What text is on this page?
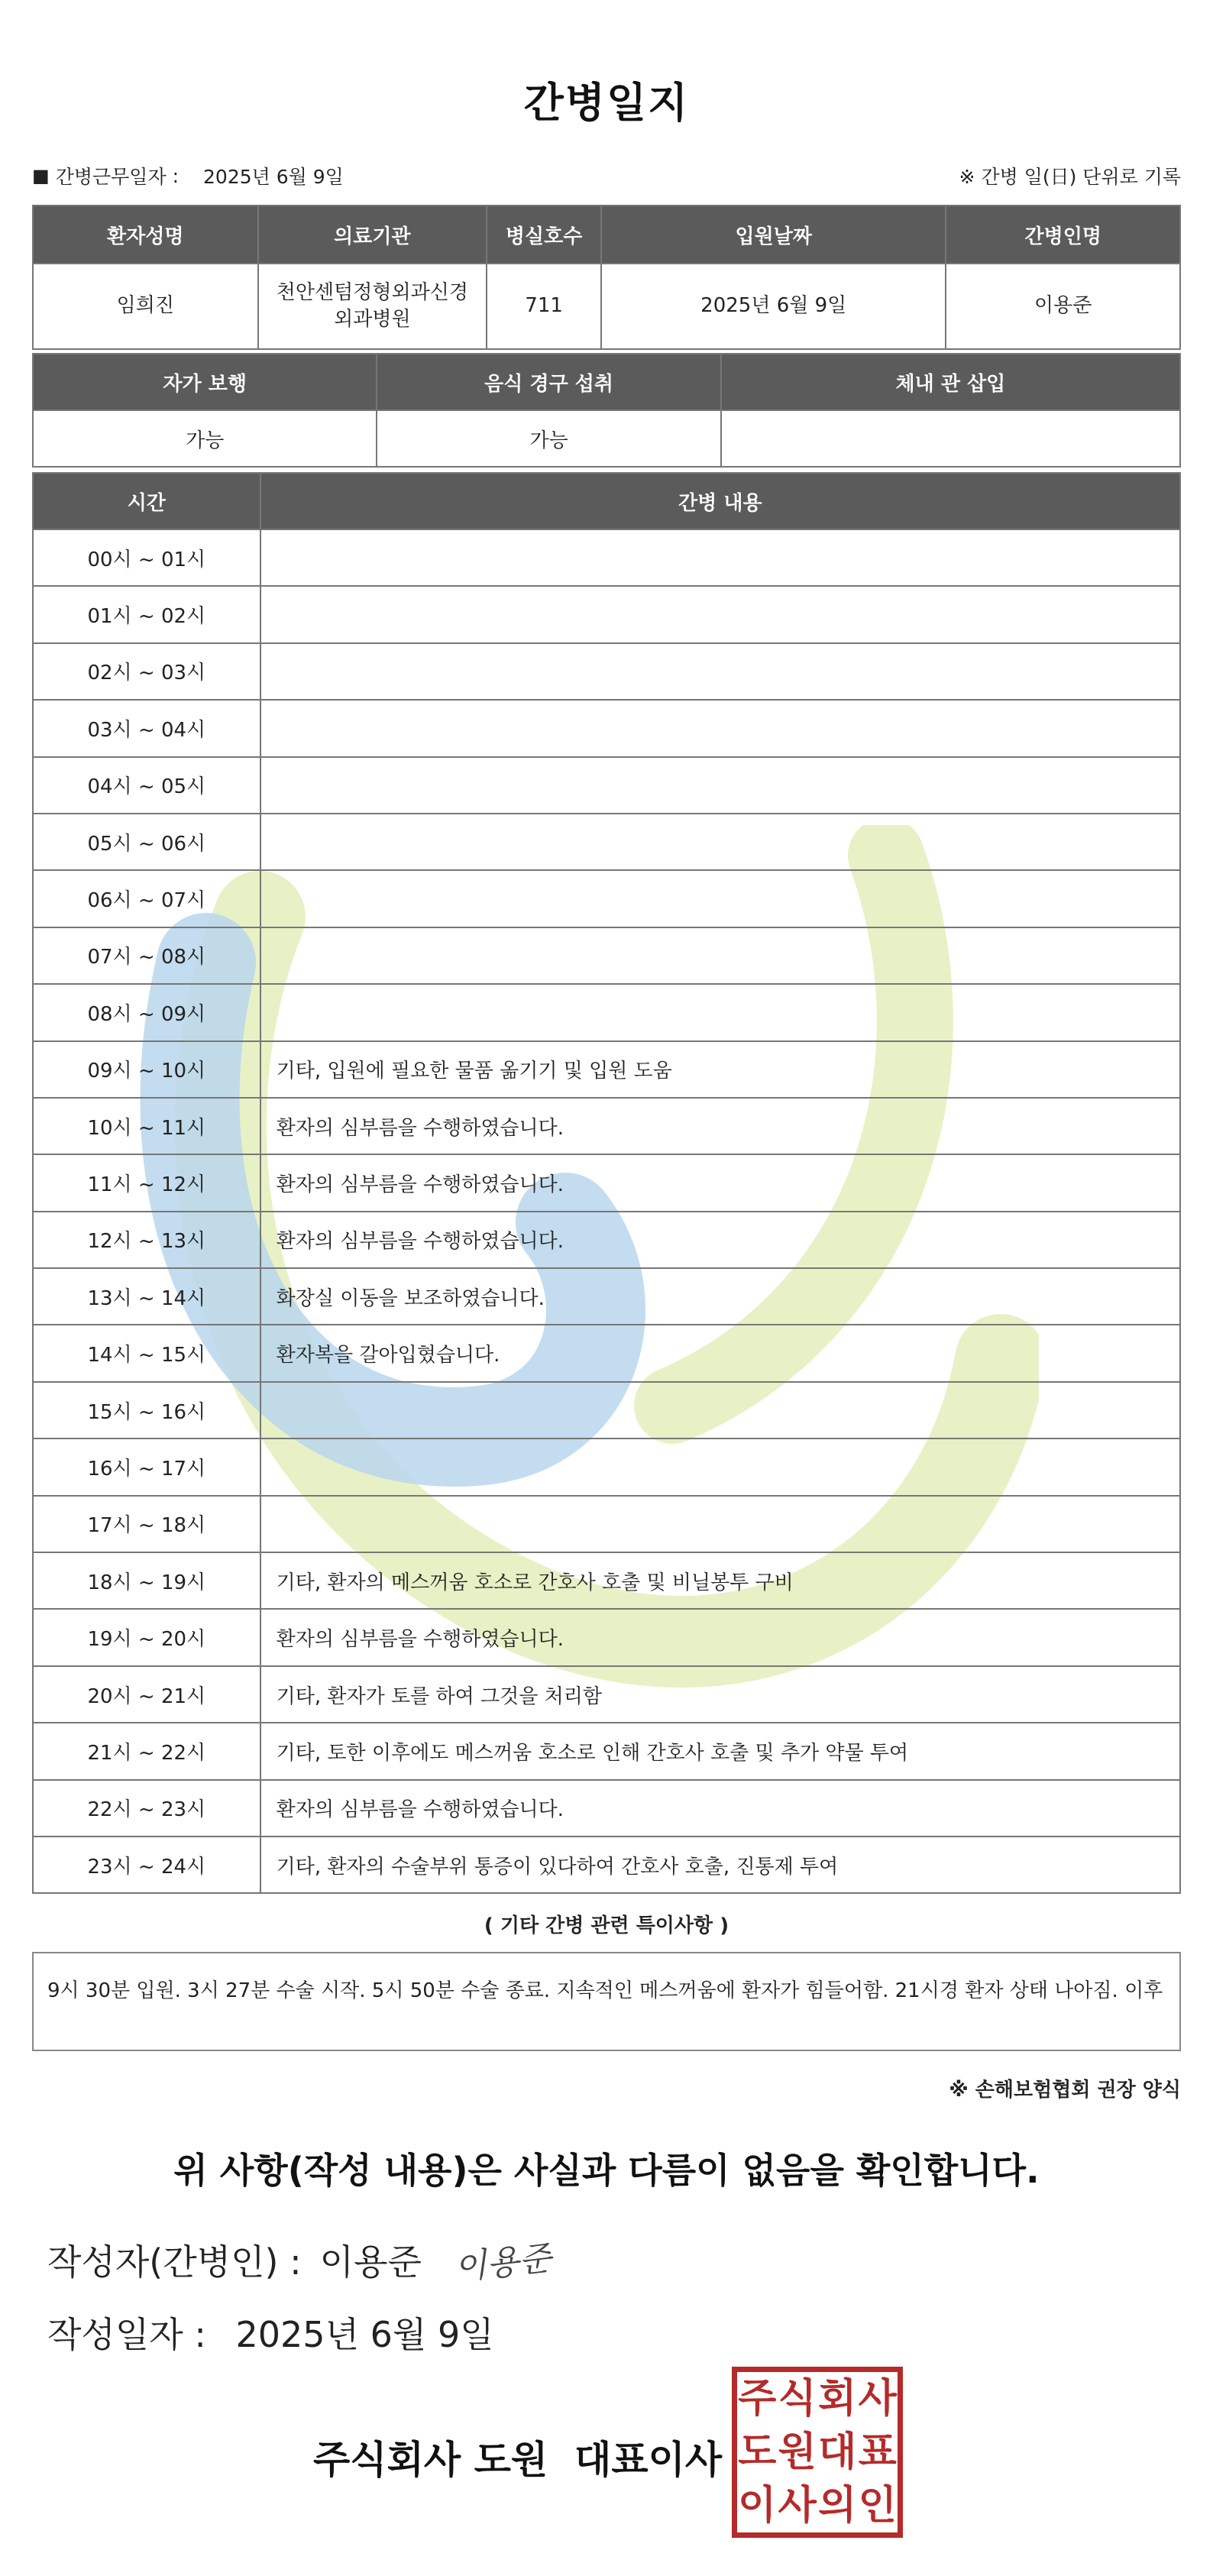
간병일지
■ 간병근무일자 : 2025년 6월 9일	※ 간병 일(日) 단위로 기록
환자성명	의료기관	병실호수	입원날짜	간병인명
임희진	천안센텀정형외과신경외과병원	711	2025년 6월 9일	이용준
자가 보행	음식 경구 섭취	체내 관 삽입
가능	가능	
시간	간병 내용
00시 ~ 01시	
01시 ~ 02시	
02시 ~ 03시	
03시 ~ 04시	
04시 ~ 05시	
05시 ~ 06시	
06시 ~ 07시	
07시 ~ 08시	
08시 ~ 09시	
09시 ~ 10시	기타, 입원에 필요한 물품 옮기기 및 입원 도움
10시 ~ 11시	환자의 심부름을 수행하였습니다.
11시 ~ 12시	환자의 심부름을 수행하였습니다.
12시 ~ 13시	환자의 심부름을 수행하였습니다.
13시 ~ 14시	화장실 이동을 보조하였습니다.
14시 ~ 15시	환자복을 갈아입혔습니다.
15시 ~ 16시	
16시 ~ 17시	
17시 ~ 18시	
18시 ~ 19시	기타, 환자의 메스꺼움 호소로 간호사 호출 및 비닐봉투 구비
19시 ~ 20시	환자의 심부름을 수행하였습니다.
20시 ~ 21시	기타, 환자가 토를 하여 그것을 처리함
21시 ~ 22시	기타, 토한 이후에도 메스꺼움 호소로 인해 간호사 호출 및 추가 약물 투여
22시 ~ 23시	환자의 심부름을 수행하였습니다.
23시 ~ 24시	기타, 환자의 수술부위 통증이 있다하여 간호사 호출, 진통제 투여
( 기타 간병 관련 특이사항 )
9시 30분 입원. 3시 27분 수술 시작. 5시 50분 수술 종료. 지속적인 메스꺼움에 환자가 힘들어함. 21시경 환자 상태 나아짐. 이후
※ 손해보험협회 권장 양식
위 사항(작성 내용)은 사실과 다름이 없음을 확인합니다.
작성자(간병인) : 이용준 이용준
작성일자 : 2025년 6월 9일
주식회사 도원  대표이사
주 식 회 사
도 원 대 표
이 사 의 인
